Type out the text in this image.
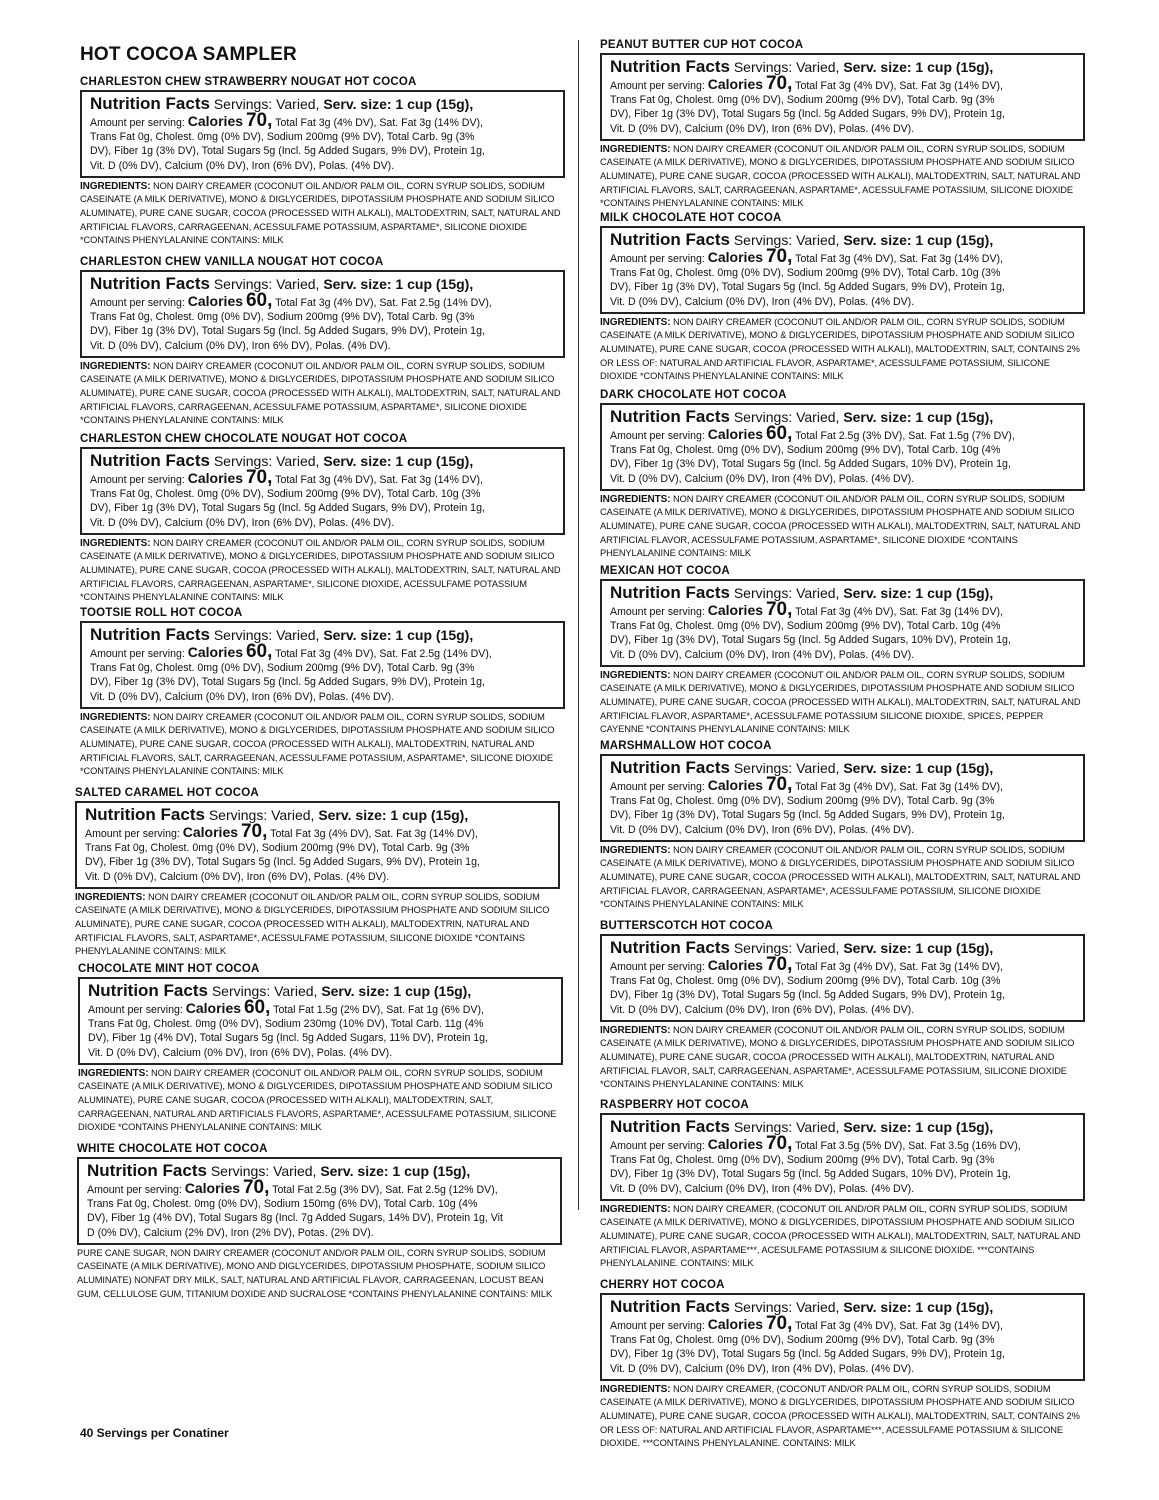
HOT COCOA SAMPLER
CHARLESTON CHEW STRAWBERRY NOUGAT HOT COCOA
Nutrition Facts Servings: Varied, Serv. size: 1 cup (15g),
Amount per serving: Calories 70, Total Fat 3g (4% DV), Sat. Fat 3g (14% DV),
Trans Fat 0g, Cholest. 0mg (0% DV), Sodium 200mg (9% DV), Total Carb. 9g (3%
DV), Fiber 1g (3% DV), Total Sugars 5g (Incl. 5g Added Sugars, 9% DV), Protein 1g,
Vit. D (0% DV), Calcium (0% DV), Iron (6% DV), Polas. (4% DV).
INGREDIENTS: NON DAIRY CREAMER (COCONUT OIL AND/OR PALM OIL, CORN SYRUP SOLIDS, SODIUM CASEINATE (A MILK DERIVATIVE), MONO & DIGLYCERIDES, DIPOTASSIUM PHOSPHATE AND SODIUM SILICO ALUMINATE), PURE CANE SUGAR, COCOA (PROCESSED WITH ALKALI), MALTODEXTRIN, SALT, NATURAL AND ARTIFICIAL FLAVORS, CARRAGEENAN, ACESSULFAME POTASSIUM, ASPARTAME*, SILICONE DIOXIDE *CONTAINS PHENYLALANINE CONTAINS: MILK
CHARLESTON CHEW VANILLA NOUGAT HOT COCOA
Nutrition Facts Servings: Varied, Serv. size: 1 cup (15g),
Amount per serving: Calories 60, Total Fat 3g (4% DV), Sat. Fat 2.5g (14% DV),
Trans Fat 0g, Cholest. 0mg (0% DV), Sodium 200mg (9% DV), Total Carb. 9g (3%
DV), Fiber 1g (3% DV), Total Sugars 5g (Incl. 5g Added Sugars, 9% DV), Protein 1g,
Vit. D (0% DV), Calcium (0% DV), Iron 6% DV), Polas. (4% DV).
INGREDIENTS: NON DAIRY CREAMER (COCONUT OIL AND/OR PALM OIL, CORN SYRUP SOLIDS, SODIUM CASEINATE (A MILK DERIVATIVE), MONO & DIGLYCERIDES, DIPOTASSIUM PHOSPHATE AND SODIUM SILICO ALUMINATE), PURE CANE SUGAR, COCOA (PROCESSED WITH ALKALI), MALTODEXTRIN, SALT, NATURAL AND ARTIFICIAL FLAVORS, CARRAGEENAN, ACESSULFAME POTASSIUM, ASPARTAME*, SILICONE DIOXIDE *CONTAINS PHENYLALANINE CONTAINS: MILK
CHARLESTON CHEW CHOCOLATE NOUGAT HOT COCOA
Nutrition Facts Servings: Varied, Serv. size: 1 cup (15g),
Amount per serving: Calories 70, Total Fat 3g (4% DV), Sat. Fat 3g (14% DV),
Trans Fat 0g, Cholest. 0mg (0% DV), Sodium 200mg (9% DV), Total Carb. 10g (3%
DV), Fiber 1g (3% DV), Total Sugars 5g (Incl. 5g Added Sugars, 9% DV), Protein 1g,
Vit. D (0% DV), Calcium (0% DV), Iron (6% DV), Polas. (4% DV).
INGREDIENTS: NON DAIRY CREAMER (COCONUT OIL AND/OR PALM OIL, CORN SYRUP SOLIDS, SODIUM CASEINATE (A MILK DERIVATIVE), MONO & DIGLYCERIDES, DIPOTASSIUM PHOSPHATE AND SODIUM SILICO ALUMINATE), PURE CANE SUGAR, COCOA (PROCESSED WITH ALKALI), MALTODEXTRIN, SALT, NATURAL AND ARTIFICIAL FLAVORS, CARRAGEENAN, ASPARTAME*, SILICONE DIOXIDE, ACESSULFAME POTASSIUM *CONTAINS PHENYLALANINE CONTAINS: MILK
TOOTSIE ROLL HOT COCOA
Nutrition Facts Servings: Varied, Serv. size: 1 cup (15g),
Amount per serving: Calories 60, Total Fat 3g (4% DV), Sat. Fat 2.5g (14% DV),
Trans Fat 0g, Cholest. 0mg (0% DV), Sodium 200mg (9% DV), Total Carb. 9g (3%
DV), Fiber 1g (3% DV), Total Sugars 5g (Incl. 5g Added Sugars, 9% DV), Protein 1g,
Vit. D (0% DV), Calcium (0% DV), Iron (6% DV), Polas. (4% DV).
INGREDIENTS: NON DAIRY CREAMER (COCONUT OIL AND/OR PALM OIL, CORN SYRUP SOLIDS, SODIUM CASEINATE (A MILK DERIVATIVE), MONO & DIGLYCERIDES, DIPOTASSIUM PHOSPHATE AND SODIUM SILICO ALUMINATE), PURE CANE SUGAR, COCOA (PROCESSED WITH ALKALI), MALTODEXTRIN, NATURAL AND ARTIFICIAL FLAVORS, SALT, CARRAGEENAN, ACESSULFAME POTASSIUM, ASPARTAME*, SILICONE DIOXIDE *CONTAINS PHENYLALANINE CONTAINS: MILK
SALTED CARAMEL HOT COCOA
Nutrition Facts Servings: Varied, Serv. size: 1 cup (15g),
Amount per serving: Calories 70, Total Fat 3g (4% DV), Sat. Fat 3g (14% DV),
Trans Fat 0g, Cholest. 0mg (0% DV), Sodium 200mg (9% DV), Total Carb. 9g (3%
DV), Fiber 1g (3% DV), Total Sugars 5g (Incl. 5g Added Sugars, 9% DV), Protein 1g,
Vit. D (0% DV), Calcium (0% DV), Iron (6% DV), Polas. (4% DV).
INGREDIENTS: NON DAIRY CREAMER (COCONUT OIL AND/OR PALM OIL, CORN SYRUP SOLIDS, SODIUM CASEINATE (A MILK DERIVATIVE), MONO & DIGLYCERIDES, DIPOTASSIUM PHOSPHATE AND SODIUM SILICO ALUMINATE), PURE CANE SUGAR, COCOA (PROCESSED WITH ALKALI), MALTODEXTRIN, NATURAL AND ARTIFICIAL FLAVORS, SALT, ASPARTAME*, ACESSULFAME POTASSIUM, SILICONE DIOXIDE *CONTAINS PHENYLALANINE CONTAINS: MILK
CHOCOLATE MINT HOT COCOA
Nutrition Facts Servings: Varied, Serv. size: 1 cup (15g),
Amount per serving: Calories 60, Total Fat 1.5g (2% DV), Sat. Fat 1g (6% DV),
Trans Fat 0g, Cholest. 0mg (0% DV), Sodium 230mg (10% DV), Total Carb. 11g (4%
DV), Fiber 1g (4% DV), Total Sugars 5g (Incl. 5g Added Sugars, 11% DV), Protein 1g,
Vit. D (0% DV), Calcium (0% DV), Iron (6% DV), Polas. (4% DV).
INGREDIENTS: NON DAIRY CREAMER (COCONUT OIL AND/OR PALM OIL, CORN SYRUP SOLIDS, SODIUM CASEINATE (A MILK DERIVATIVE), MONO & DIGLYCERIDES, DIPOTASSIUM PHOSPHATE AND SODIUM SILICO ALUMINATE), PURE CANE SUGAR, COCOA (PROCESSED WITH ALKALI), MALTODEXTRIN, SALT, CARRAGEENAN, NATURAL AND ARTIFICIALS FLAVORS, ASPARTAME*, ACESSULFAME POTASSIUM, SILICONE DIOXIDE *CONTAINS PHENYLALANINE CONTAINS: MILK
WHITE CHOCOLATE HOT COCOA
Nutrition Facts Servings: Varied, Serv. size: 1 cup (15g),
Amount per serving: Calories 70, Total Fat 2.5g (3% DV), Sat. Fat 2.5g (12% DV),
Trans Fat 0g, Cholest. 0mg (0% DV), Sodium 150mg (6% DV), Total Carb. 10g (4%
DV), Fiber 1g (4% DV), Total Sugars 8g (Incl. 7g Added Sugars, 14% DV), Protein 1g, Vit
D (0% DV), Calcium (2% DV), Iron (2% DV), Potas. (2% DV).
PURE CANE SUGAR, NON DAIRY CREAMER (COCONUT AND/OR PALM OIL, CORN SYRUP SOLIDS, SODIUM CASEINATE (A MILK DERIVATIVE), MONO AND DIGLYCERIDES, DIPOTASSIUM PHOSPHATE, SODIUM SILICO ALUMINATE) NONFAT DRY MILK, SALT, NATURAL AND ARTIFICIAL FLAVOR, CARRAGEENAN, LOCUST BEAN GUM, CELLULOSE GUM, TITANIUM DOXIDE AND SUCRALOSE *CONTAINS PHENYLALANINE CONTAINS: MILK
PEANUT BUTTER CUP HOT COCOA
Nutrition Facts Servings: Varied, Serv. size: 1 cup (15g),
Amount per serving: Calories 70, Total Fat 3g (4% DV), Sat. Fat 3g (14% DV),
Trans Fat 0g, Cholest. 0mg (0% DV), Sodium 200mg (9% DV), Total Carb. 9g (3%
DV), Fiber 1g (3% DV), Total Sugars 5g (Incl. 5g Added Sugars, 9% DV), Protein 1g,
Vit. D (0% DV), Calcium (0% DV), Iron (6% DV), Polas. (4% DV).
INGREDIENTS: NON DAIRY CREAMER (COCONUT OIL AND/OR PALM OIL, CORN SYRUP SOLIDS, SODIUM CASEINATE (A MILK DERIVATIVE), MONO & DIGLYCERIDES, DIPOTASSIUM PHOSPHATE AND SODIUM SILICO ALUMINATE), PURE CANE SUGAR, COCOA (PROCESSED WITH ALKALI), MALTODEXTRIN, SALT, NATURAL AND ARTIFICIAL FLAVORS, SALT, CARRAGEENAN, ASPARTAME*, ACESSULFAME POTASSIUM, SILICONE DIOXIDE *CONTAINS PHENYLALANINE CONTAINS: MILK
MILK CHOCOLATE HOT COCOA
Nutrition Facts Servings: Varied, Serv. size: 1 cup (15g),
Amount per serving: Calories 70, Total Fat 3g (4% DV), Sat. Fat 3g (14% DV),
Trans Fat 0g, Cholest. 0mg (0% DV), Sodium 200mg (9% DV), Total Carb. 10g (3%
DV), Fiber 1g (3% DV), Total Sugars 5g (Incl. 5g Added Sugars, 9% DV), Protein 1g,
Vit. D (0% DV), Calcium (0% DV), Iron (4% DV), Polas. (4% DV).
INGREDIENTS: NON DAIRY CREAMER (COCONUT OIL AND/OR PALM OIL, CORN SYRUP SOLIDS, SODIUM CASEINATE (A MILK DERIVATIVE), MONO & DIGLYCERIDES, DIPOTASSIUM PHOSPHATE AND SODIUM SILICO ALUMINATE), PURE CANE SUGAR, COCOA (PROCESSED WITH ALKALI), MALTODEXTRIN, SALT, CONTAINS 2% OR LESS OF: NATURAL AND ARTIFICIAL FLAVOR, ASPARTAME*, ACESSULFAME POTASSIUM, SILICONE DIOXIDE *CONTAINS PHENYLALANINE CONTAINS: MILK
DARK CHOCOLATE HOT COCOA
Nutrition Facts Servings: Varied, Serv. size: 1 cup (15g),
Amount per serving: Calories 60, Total Fat 2.5g (3% DV), Sat. Fat 1.5g (7% DV),
Trans Fat 0g, Cholest. 0mg (0% DV), Sodium 200mg (9% DV), Total Carb. 10g (4%
DV), Fiber 1g (3% DV), Total Sugars 5g (Incl. 5g Added Sugars, 10% DV), Protein 1g,
Vit. D (0% DV), Calcium (0% DV), Iron (4% DV), Polas. (4% DV).
INGREDIENTS: NON DAIRY CREAMER (COCONUT OIL AND/OR PALM OIL, CORN SYRUP SOLIDS, SODIUM CASEINATE (A MILK DERIVATIVE), MONO & DIGLYCERIDES, DIPOTASSIUM PHOSPHATE AND SODIUM SILICO ALUMINATE), PURE CANE SUGAR, COCOA (PROCESSED WITH ALKALI), MALTODEXTRIN, SALT, NATURAL AND ARTIFICIAL FLAVOR, ACESSULFAME POTASSIUM, ASPARTAME*, SILICONE DIOXIDE *CONTAINS PHENYLALANINE CONTAINS: MILK
MEXICAN HOT COCOA
Nutrition Facts Servings: Varied, Serv. size: 1 cup (15g),
Amount per serving: Calories 70, Total Fat 3g (4% DV), Sat. Fat 3g (14% DV),
Trans Fat 0g, Cholest. 0mg (0% DV), Sodium 200mg (9% DV), Total Carb. 10g (4%
DV), Fiber 1g (3% DV), Total Sugars 5g (Incl. 5g Added Sugars, 10% DV), Protein 1g,
Vit. D (0% DV), Calcium (0% DV), Iron (4% DV), Polas. (4% DV).
INGREDIENTS: NON DAIRY CREAMER (COCONUT OIL AND/OR PALM OIL, CORN SYRUP SOLIDS, SODIUM CASEINATE (A MILK DERIVATIVE), MONO & DIGLYCERIDES, DIPOTASSIUM PHOSPHATE AND SODIUM SILICO ALUMINATE), PURE CANE SUGAR, COCOA (PROCESSED WITH ALKALI), MALTODEXTRIN, SALT, NATURAL AND ARTIFICIAL FLAVOR, ASPARTAME*, ACESSULFAME POTASSIUM SILICONE DIOXIDE, SPICES, PEPPER CAYENNE *CONTAINS PHENYLALANINE CONTAINS: MILK
MARSHMALLOW HOT COCOA
Nutrition Facts Servings: Varied, Serv. size: 1 cup (15g),
Amount per serving: Calories 70, Total Fat 3g (4% DV), Sat. Fat 3g (14% DV),
Trans Fat 0g, Cholest. 0mg (0% DV), Sodium 200mg (9% DV), Total Carb. 9g (3%
DV), Fiber 1g (3% DV), Total Sugars 5g (Incl. 5g Added Sugars, 9% DV), Protein 1g,
Vit. D (0% DV), Calcium (0% DV), Iron (6% DV), Polas. (4% DV).
INGREDIENTS: NON DAIRY CREAMER (COCONUT OIL AND/OR PALM OIL, CORN SYRUP SOLIDS, SODIUM CASEINATE (A MILK DERIVATIVE), MONO & DIGLYCERIDES, DIPOTASSIUM PHOSPHATE AND SODIUM SILICO ALUMINATE), PURE CANE SUGAR, COCOA (PROCESSED WITH ALKALI), MALTODEXTRIN, SALT, NATURAL AND ARTIFICIAL FLAVOR, CARRAGEENAN, ASPARTAME*, ACESSULFAME POTASSIUM, SILICONE DIOXIDE *CONTAINS PHENYLALANINE CONTAINS: MILK
BUTTERSCOTCH HOT COCOA
Nutrition Facts Servings: Varied, Serv. size: 1 cup (15g),
Amount per serving: Calories 70, Total Fat 3g (4% DV), Sat. Fat 3g (14% DV),
Trans Fat 0g, Cholest. 0mg (0% DV), Sodium 200mg (9% DV), Total Carb. 10g (3%
DV), Fiber 1g (3% DV), Total Sugars 5g (Incl. 5g Added Sugars, 9% DV), Protein 1g,
Vit. D (0% DV), Calcium (0% DV), Iron (6% DV), Polas. (4% DV).
INGREDIENTS: NON DAIRY CREAMER (COCONUT OIL AND/OR PALM OIL, CORN SYRUP SOLIDS, SODIUM CASEINATE (A MILK DERIVATIVE), MONO & DIGLYCERIDES, DIPOTASSIUM PHOSPHATE AND SODIUM SILICO ALUMINATE), PURE CANE SUGAR, COCOA (PROCESSED WITH ALKALI), MALTODEXTRIN, NATURAL AND ARTIFICIAL FLAVOR, SALT, CARRAGEENAN, ASPARTAME*, ACESSULFAME POTASSIUM, SILICONE DIOXIDE *CONTAINS PHENYLALANINE CONTAINS: MILK
RASPBERRY HOT COCOA
Nutrition Facts Servings: Varied, Serv. size: 1 cup (15g),
Amount per serving: Calories 70, Total Fat 3.5g (5% DV), Sat. Fat 3.5g (16% DV),
Trans Fat 0g, Cholest. 0mg (0% DV), Sodium 200mg (9% DV), Total Carb. 9g (3%
DV), Fiber 1g (3% DV), Total Sugars 5g (Incl. 5g Added Sugars, 10% DV), Protein 1g,
Vit. D (0% DV), Calcium (0% DV), Iron (4% DV), Polas. (4% DV).
INGREDIENTS: NON DAIRY CREAMER, (COCONUT OIL AND/OR PALM OIL, CORN SYRUP SOLIDS, SODIUM CASEINATE (A MILK DERIVATIVE), MONO & DIGLYCERIDES, DIPOTASSIUM PHOSPHATE AND SODIUM SILICO ALUMINATE), PURE CANE SUGAR, COCOA (PROCESSED WITH ALKALI), MALTODEXTRIN, SALT, NATURAL AND ARTIFICIAL FLAVOR, ASPARTAME***, ACESULFAME POTASSIUM & SILICONE DIOXIDE. ***CONTAINS PHENYLALANINE. CONTAINS: MILK
CHERRY HOT COCOA
Nutrition Facts Servings: Varied, Serv. size: 1 cup (15g),
Amount per serving: Calories 70, Total Fat 3g (4% DV), Sat. Fat 3g (14% DV),
Trans Fat 0g, Cholest. 0mg (0% DV), Sodium 200mg (9% DV), Total Carb. 9g (3%
DV), Fiber 1g (3% DV), Total Sugars 5g (Incl. 5g Added Sugars, 9% DV), Protein 1g,
Vit. D (0% DV), Calcium (0% DV), Iron (4% DV), Polas. (4% DV).
INGREDIENTS: NON DAIRY CREAMER, (COCONUT AND/OR PALM OIL, CORN SYRUP SOLIDS, SODIUM CASEINATE (A MILK DERIVATIVE), MONO & DIGLYCERIDES, DIPOTASSIUM PHOSPHATE AND SODIUM SILICO ALUMINATE), PURE CANE SUGAR, COCOA (PROCESSED WITH ALKALI), MALTODEXTRIN, SALT, CONTAINS 2% OR LESS OF: NATURAL AND ARTIFICIAL FLAVOR, ASPARTAME***, ACESSULFAME POTASSIUM & SILICONE DIOXIDE. ***CONTAINS PHENYLALANINE. CONTAINS: MILK
40 Servings per Conatiner
